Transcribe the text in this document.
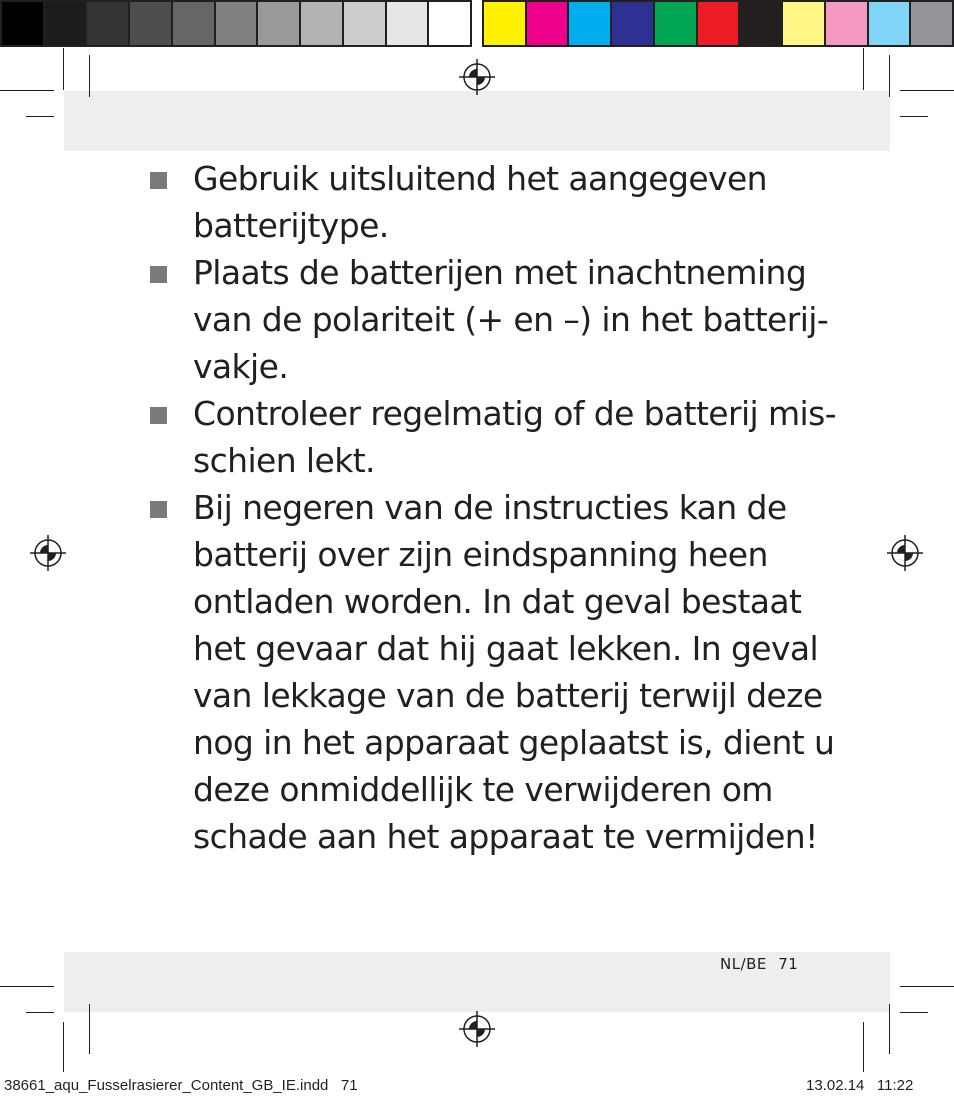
Gebruik uitsluitend het aangegeven batterijtype.

Plaats de batterijen met inachtneming van de polariteit (+ en –) in het batterij-vakje.

Controleer regelmatig of de batterij mis-schien lekt.

Bij negeren van de instructies kan de batterij over zijn eindspanning heen ontladen worden. In dat geval bestaat het gevaar dat hij gaat lekken. In geval van lekkage van de batterij terwijl deze nog in het apparaat geplaatst is, dient u deze onmiddellijk te verwijderen om schade aan het apparaat te vermijden!

NL/BE 71
38661_aqu_Fusselrasierer_Content_GB_IE.indd   71	13.02.14 11:22
